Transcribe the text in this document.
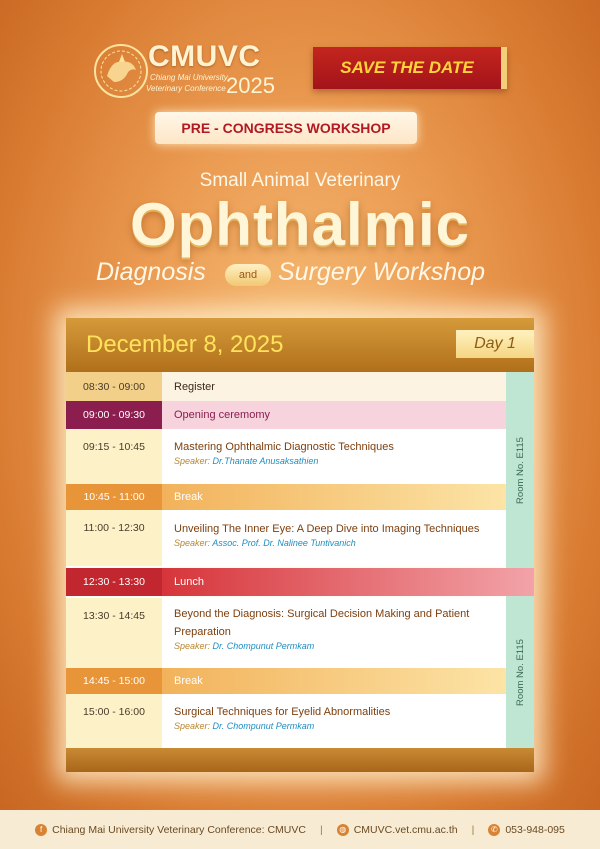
CMUVC
Chiang Mai University
Veterinary Conference 2025
SAVE THE DATE
PRE - CONGRESS WORKSHOP
Small Animal Veterinary
Ophthalmic
Diagnosis	and Surgery Workshop
December 8, 2025	Day 1
08:30 - 09:00	Register
09:00 - 09:30	Opening ceremomy
09:15 - 10:45	Mastering Ophthalmic Diagnostic Techniques
Speaker: Dr.Thanate Anusaksathien
10:45 - 11:00	Break
11:00 - 12:30	Unveiling The Inner Eye: A Deep Dive into Imaging Techniques
Speaker: Assoc. Prof. Dr. Nalinee Tuntivanich
12:30 - 13:30	Lunch
13:30 - 14:45	Beyond the Diagnosis: Surgical Decision Making and Patient Preparation
Speaker: Dr. Chompunut Permkam
14:45 - 15:00	Break
15:00 - 16:00	Surgical Techniques for Eyelid Abnormalities
Speaker: Dr. Chompunut Permkam
Room No. E115
Room No. E115
f Chiang Mai University Veterinary Conference: CMUVC |	◍ CMUVC.vet.cmu.ac.th |	✆ 053-948-095
